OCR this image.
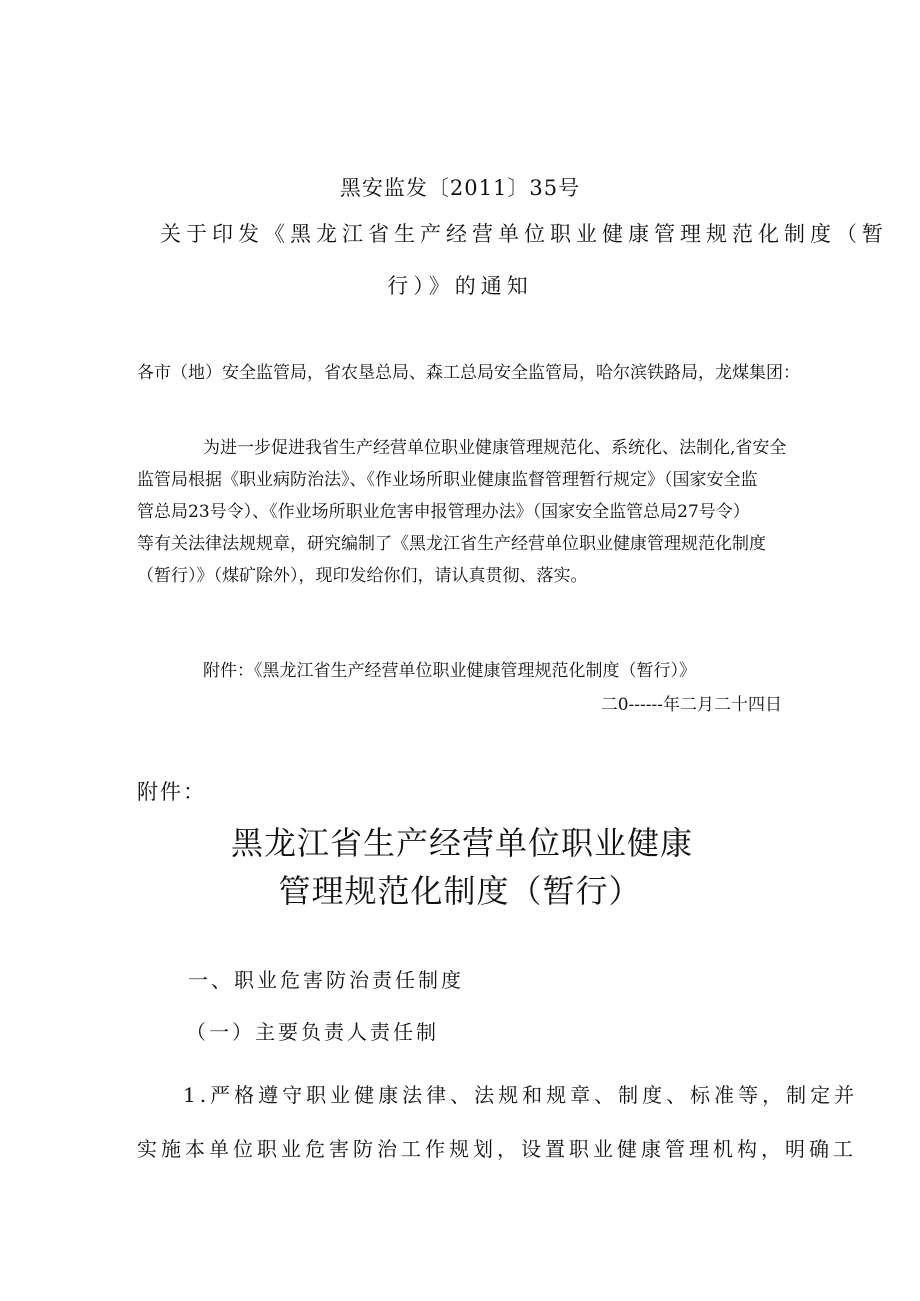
黑安监发〔2011〕35号
关于印发《黑龙江省生产经营单位职业健康管理规范化制度（暂
行）》的通知
各市（地）安全监管局，省农垦总局、森工总局安全监管局，哈尔滨铁路局，龙煤集团：
为进一步促进我省生产经营单位职业健康管理规范化、系统化、法制化,省安全
监管局根据《职业病防治法》、《作业场所职业健康监督管理暂行规定》（国家安全监
管总局23号令）、《作业场所职业危害申报管理办法》（国家安全监管总局27号令）
等有关法律法规规章，研究编制了《黑龙江省生产经营单位职业健康管理规范化制度
（暂行）》（煤矿除外），现印发给你们，请认真贯彻、落实。
附件：《黑龙江省生产经营单位职业健康管理规范化制度（暂行）》
二0------年二月二十四日
附件：
黑龙江省生产经营单位职业健康
管理规范化制度（暂行）
一、职业危害防治责任制度
（一）主要负责人责任制
1.严格遵守职业健康法律、法规和规章、制度、标准等，制定并
实施本单位职业危害防治工作规划，设置职业健康管理机构，明确工
